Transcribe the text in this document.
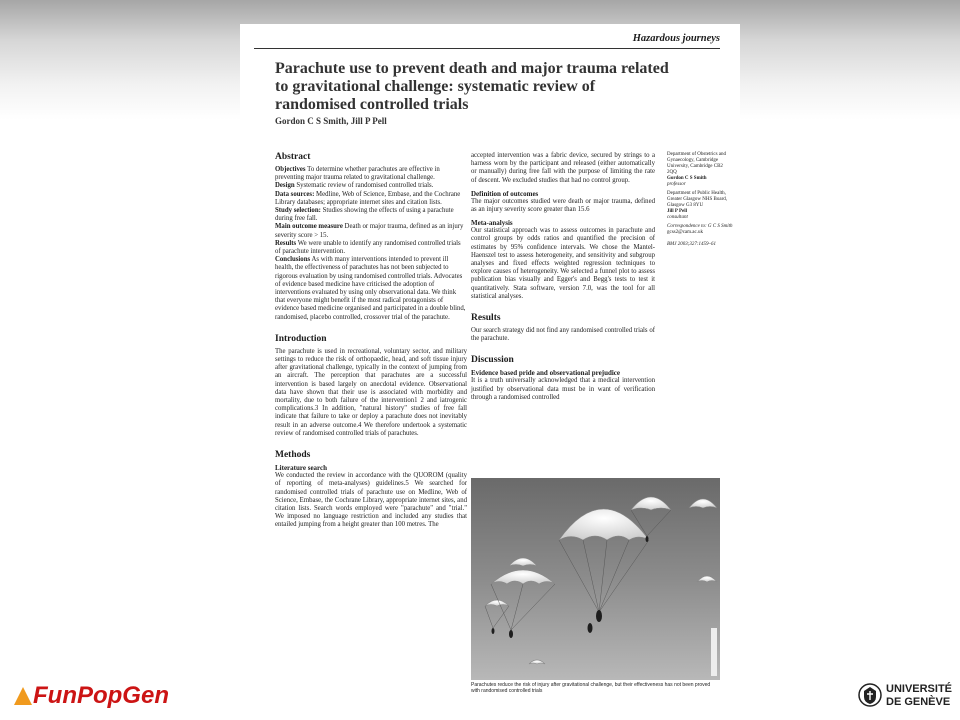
Hazardous journeys
Parachute use to prevent death and major trauma related to gravitational challenge: systematic review of randomised controlled trials
Gordon C S Smith, Jill P Pell
Abstract

Objectives To determine whether parachutes are effective in preventing major trauma related to gravitational challenge.

Design Systematic review of randomised controlled trials.

Data sources: Medline, Web of Science, Embase, and the Cochrane Library databases; appropriate internet sites and citation lists.

Study selection: Studies showing the effects of using a parachute during free fall.

Main outcome measure Death or major trauma, defined as an injury severity score > 15.

Results We were unable to identify any randomised controlled trials of parachute intervention.

Conclusions As with many interventions intended to prevent ill health, the effectiveness of parachutes has not been subjected to rigorous evaluation by using randomised controlled trials. Advocates of evidence based medicine have criticised the adoption of interventions evaluated by using only observational data. We think that everyone might benefit if the most radical protagonists of evidence based medicine organised and participated in a double blind, randomised, placebo controlled, crossover trial of the parachute.

Introduction

The parachute is used in recreational, voluntary sector, and military settings to reduce the risk of orthopaedic, head, and soft tissue injury after gravitational challenge, typically in the context of jumping from an aircraft. The perception that parachutes are a successful intervention is based largely on anecdotal evidence. Observational data have shown that their use is associated with morbidity and mortality, due to both failure of the intervention1 2 and iatrogenic complications.3 In addition, "natural history" studies of free fall indicate that failure to take or deploy a parachute does not inevitably result in an adverse outcome.4 We therefore undertook a systematic review of randomised controlled trials of parachutes.

Methods
Literature search

We conducted the review in accordance with the QUOROM (quality of reporting of meta-analyses) guidelines.5 We searched for randomised controlled trials of parachute use on Medline, Web of Science, Embase, the Cochrane Library, appropriate internet sites, and citation lists. Search words employed were "parachute" and "trial." We imposed no language restriction and included any studies that entailed jumping from a height greater than 100 metres. The

accepted intervention was a fabric device, secured by strings to a harness worn by the participant and released (either automatically or manually) during free fall with the purpose of limiting the rate of descent. We excluded studies that had no control group.

Definition of outcomes

The major outcomes studied were death or major trauma, defined as an injury severity score greater than 15.6

Meta-analysis

Our statistical approach was to assess outcomes in parachute and control groups by odds ratios and quantified the precision of estimates by 95% confidence intervals. We chose the Mantel-Haenszel test to assess heterogeneity, and sensitivity and subgroup analyses and fixed effects weighted regression techniques to explore causes of heterogeneity. We selected a funnel plot to assess publication bias visually and Egger's and Begg's tests to test it quantitatively. Stata software, version 7.0, was the tool for all statistical analyses.

Results

Our search strategy did not find any randomised controlled trials of the parachute.

Discussion
Evidence based pride and observational prejudice

It is a truth universally acknowledged that a medical intervention justified by observational data must be in want of verification through a randomised controlled

Department of Obstetrics and Gynaecology, Cambridge University, Cambridge CB2 2QQ
Gordon C S Smith
professor
Department of Public Health, Greater Glasgow NHS Board, Glasgow G3 8YU
Jill P Pell
consultant
Correspondence to: G C S Smith
gcss2@cam.ac.uk
BMJ 2003;327:1459–61
Parachutes reduce the risk of injury after gravitational challenge, but their effectiveness has not been proved with randomised controlled trials
FunPopGen	UNIVERSITÉ
DE GENÈVE
